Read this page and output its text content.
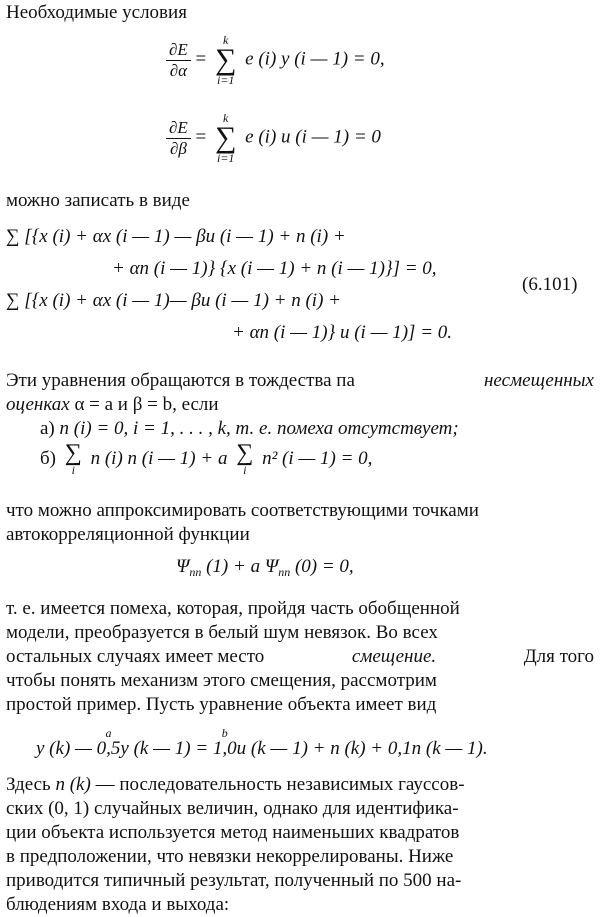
Необходимые условия
$\frac{\partial E}{\partial\alpha}$ =
k
∑
i=1
e (i) y (i — 1) = 0,
$\frac{\partial E}{\partial\beta}$ =
k
∑
i=1
e (i) u (i — 1) = 0
можно записать в виде
∑ [{x (i) + αx (i — 1) — βu (i — 1) + n (i) +
+ αn (i — 1)} {x (i — 1) + n (i — 1)}] = 0,
(6.101)
∑ [{x (i) + αx (i — 1)— βu (i — 1) + n (i) +
+ αn (i — 1)} u (i — 1)] = 0.
Эти уравнения обращаются в тождества па	несмещенных
оценках α = a и β = b, если
а) n (i) = 0, i = 1, . . . , k, т. е. помеха отсутствует;
б) ∑
i
n (i) n (i — 1) + a ∑
i
n² (i — 1) = 0,
что можно аппроксимировать соответствующими точками
автокорреляционной функции
$\Psi_{nn}$ (1) + a $\Psi_{nn}$ (0) = 0,
т. е. имеется помеха, которая, пройдя часть обобщенной
модели, преобразуется в белый шум невязок. Во всех
остальных случаях имеет место	смещение.	Для того
чтобы понять механизм этого смещения, рассмотрим
простой пример. Пусть уравнение объекта имеет вид
y (k) —
a
0,5y (k — 1) =
b
1,0u (k — 1) + n (k) + 0,1n (k — 1).
Здесь n (k) — последовательность независимых гауссов-
ских (0, 1) случайных величин, однако для идентифика-
ции объекта используется метод наименьших квадратов
в предположении, что невязки некоррелированы. Ниже
приводится типичный результат, полученный по 500 на-
блюдениям входа и выхода:
